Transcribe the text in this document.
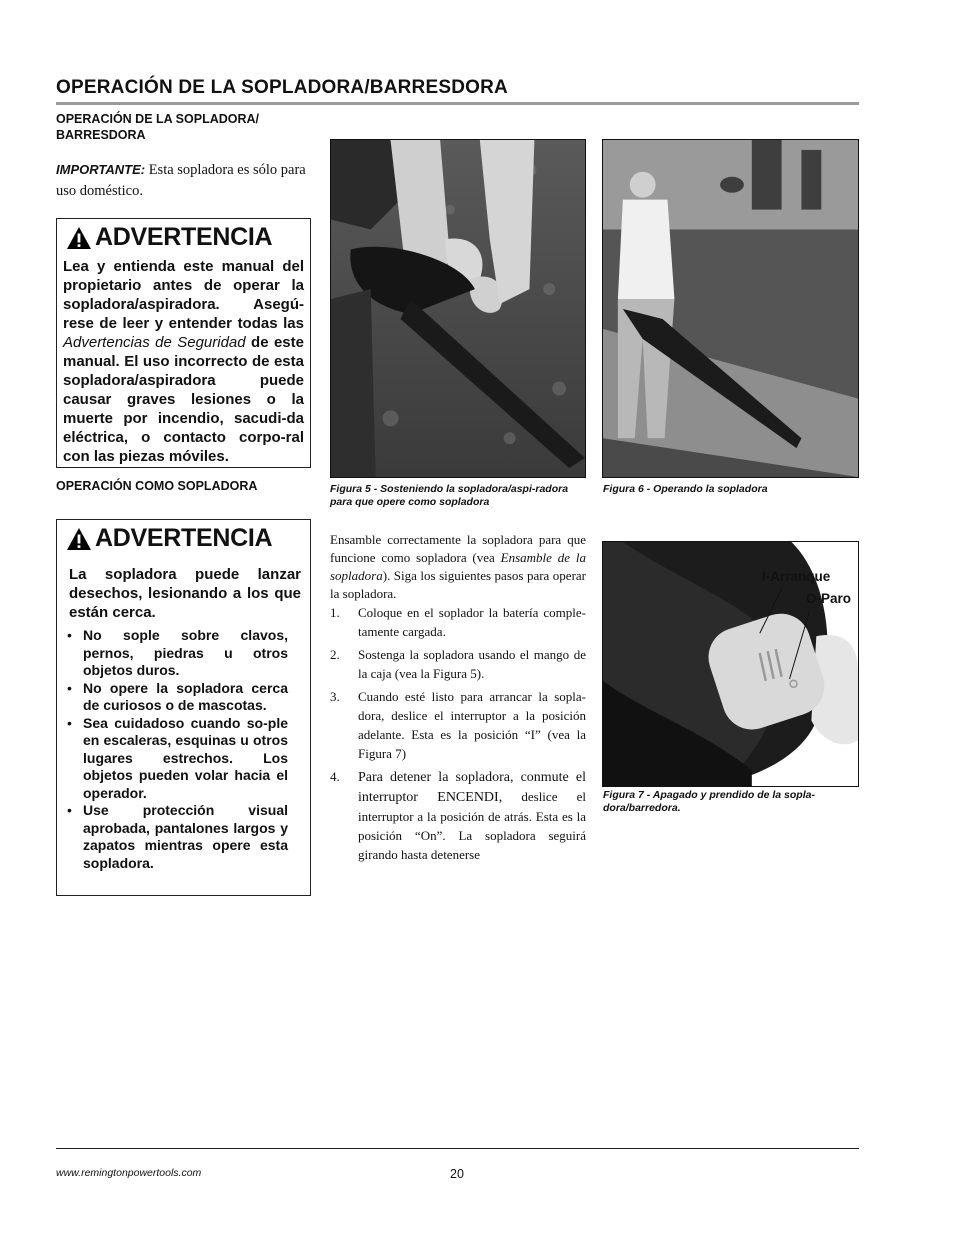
OPERACIÓN DE LA SOPLADORA/BARRESDORA
OPERACIÓN DE LA SOPLADORA/
BARRESDORA

IMPORTANTE: Esta sopladora es sólo para uso doméstico.

ADVERTENCIA

Lea y entienda este manual del propietario antes de operar la sopladora/aspiradora. Asegú-rese de leer y entender todas las Advertencias de Seguridad de este manual. El uso incorrecto de esta sopladora/aspiradora puede causar graves lesiones o la muerte por incendio, sacudi-da eléctrica, o contacto corpo-ral con las piezas móviles.

OPERACIÓN COMO SOPLADORA
ADVERTENCIA

La sopladora puede lanzar desechos, lesionando a los que están cerca.

• No sople sobre clavos, pernos, piedras u otros objetos duros.
• No opere la sopladora cerca de curiosos o de mascotas.
• Sea cuidadoso cuando so-ple en escaleras, esquinas u otros lugares estrechos. Los objetos pueden volar hacia el operador.
• Use protección visual aprobada, pantalones largos y zapatos mientras opere esta sopladora.
I-Arranque
O-Paro
Figura 5 - Sosteniendo la sopladora/aspi-radora para que opere como sopladora
Figura 6 - Operando la sopladora
Figura 7 - Apagado y prendido de la sopla-dora/barredora.

Ensamble correctamente la sopladora para que funcione como sopladora (vea Ensamble de la sopladora). Siga los siguientes pasos para operar la sopladora.

1. Coloque en el soplador la batería comple-tamente cargada.
2. Sostenga la sopladora usando el mango de la caja (vea la Figura 5).
3. Cuando esté listo para arrancar la sopla-dora, deslice el interruptor a la posición adelante. Esta es la posición “I” (vea la Figura 7)
4. Para detener la sopladora, conmute el interruptor ENCENDI, deslice el interruptor a la posición de atrás. Esta es la posición “On”. La sopladora seguirá girando hasta detenerse
www.remingtonpowertools.com	20
